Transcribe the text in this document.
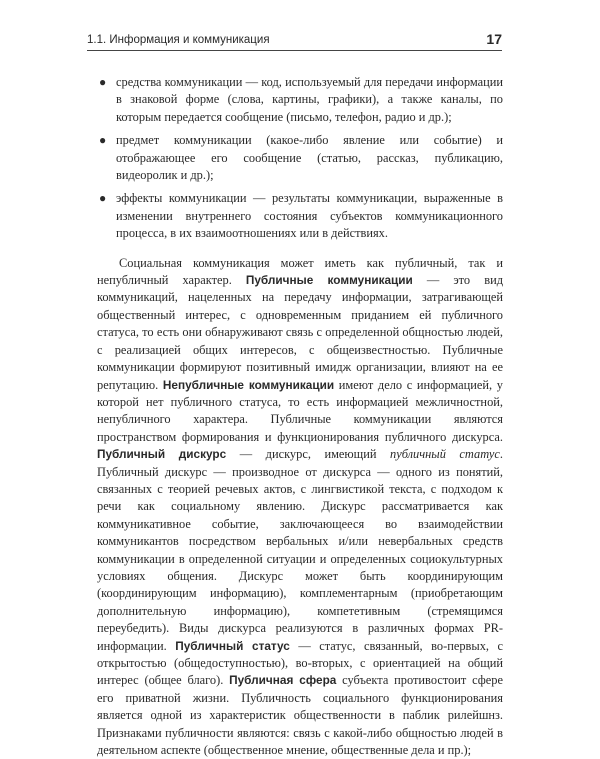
1.1. Информация и коммуникация	17
● средства коммуникации — код, используемый для передачи информации в знаковой форме (слова, картины, графики), а также каналы, по которым передается сообщение (письмо, телефон, радио и др.);
● предмет коммуникации (какое-либо явление или событие) и отображающее его сообщение (статью, рассказ, публикацию, видеоролик и др.);
● эффекты коммуникации — результаты коммуникации, выраженные в изменении внутреннего состояния субъектов коммуникационного процесса, в их взаимоотношениях или в действиях.

Социальная коммуникация может иметь как публичный, так и непубличный характер. Публичные коммуникации — это вид коммуникаций, нацеленных на передачу информации, затрагивающей общественный интерес, с одновременным приданием ей публичного статуса, то есть они обнаруживают связь с определенной общностью людей, с реализацией общих интересов, с общеизвестностью. Публичные коммуникации формируют позитивный имидж организации, влияют на ее репутацию. Непубличные коммуникации имеют дело с информацией, у которой нет публичного статуса, то есть информацией межличностной, непубличного характера. Публичные коммуникации являются пространством формирования и функционирования публичного дискурса. Публичный дискурс — дискурс, имеющий публичный статус. Публичный дискурс — производное от дискурса — одного из понятий, связанных с теорией речевых актов, с лингвистикой текста, с подходом к речи как социальному явлению. Дискурс рассматривается как коммуникативное событие, заключающееся во взаимодействии коммуникантов посредством вербальных и/или невербальных средств коммуникации в определенной ситуации и определенных социокультурных условиях общения. Дискурс может быть координирующим (координирующим информацию), комплементарным (приобретающим дополнительную информацию), компететивным (стремящимся переубедить). Виды дискурса реализуются в различных формах PR-информации. Публичный статус — статус, связанный, во-первых, с открытостью (общедоступностью), во-вторых, с ориентацией на общий интерес (общее благо). Публичная сфера субъекта противостоит сфере его приватной жизни. Публичность социального функционирования является одной из характеристик общественности в паблик рилейшнз. Признаками публичности являются: связь с какой-либо общностью людей в деятельном аспекте (общественное мнение, общественные дела и пр.);
